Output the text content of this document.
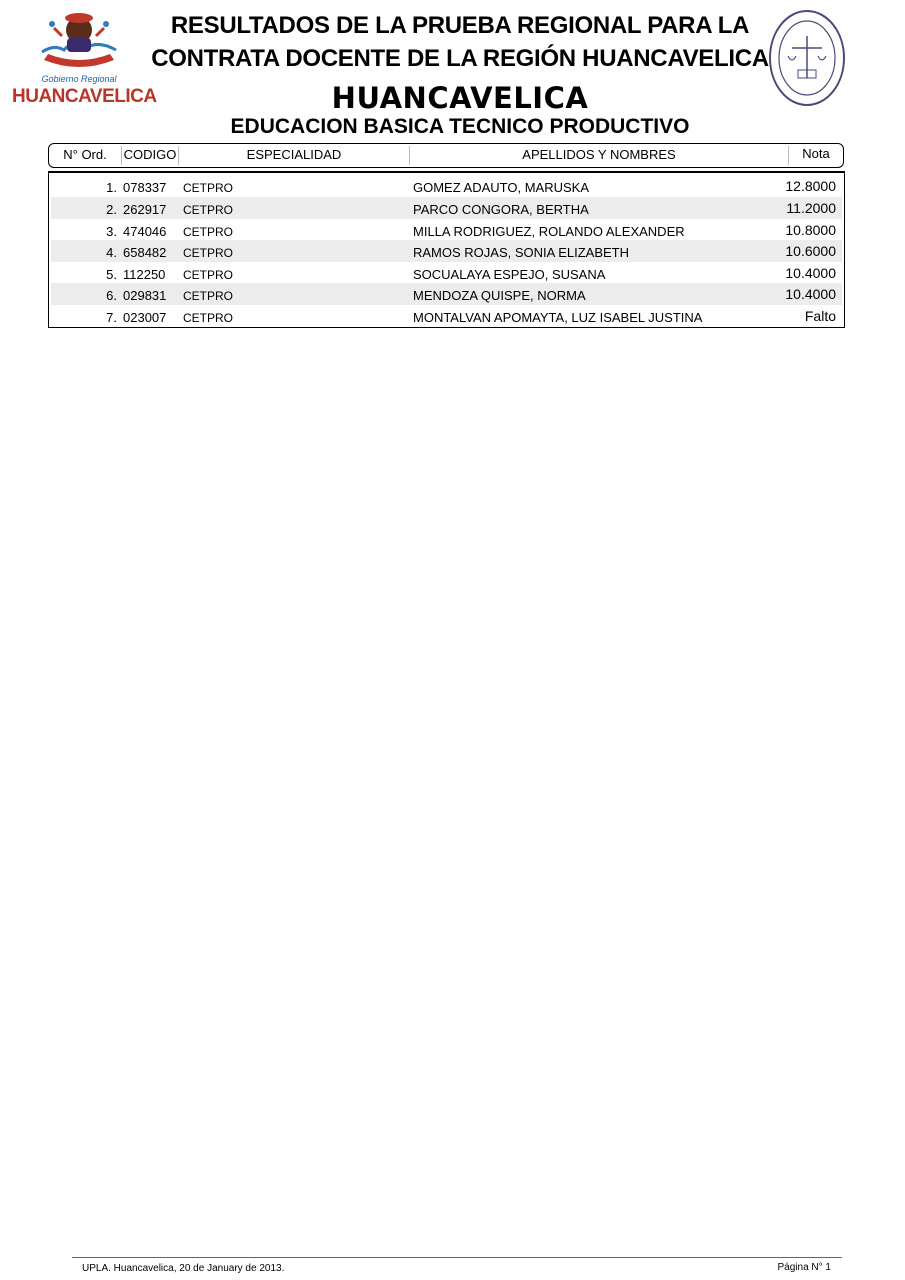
Gobierno Regional
HUANCAVELICA
RESULTADOS DE LA PRUEBA REGIONAL PARA LA
CONTRATA DOCENTE DE LA REGIÓN HUANCAVELICA
HUANCAVELICA
EDUCACION BASICA TECNICO PRODUCTIVO
N° Ord.	CODIGO	ESPECIALIDAD	APELLIDOS Y NOMBRES	Nota
1. 078337 CETPRO	GOMEZ ADAUTO, MARUSKA	12.8000
2. 262917 CETPRO	PARCO CONGORA, BERTHA	11.2000
3. 474046 CETPRO	MILLA RODRIGUEZ, ROLANDO ALEXANDER	10.8000
4. 658482 CETPRO	RAMOS ROJAS, SONIA ELIZABETH	10.6000
5. 112250 CETPRO	SOCUALAYA ESPEJO, SUSANA	10.4000
6. 029831 CETPRO	MENDOZA QUISPE, NORMA	10.4000
7. 023007 CETPRO	MONTALVAN APOMAYTA, LUZ ISABEL JUSTINA	Falto
UPLA. Huancavelica, 20 de January de 2013.	Página N° 1
